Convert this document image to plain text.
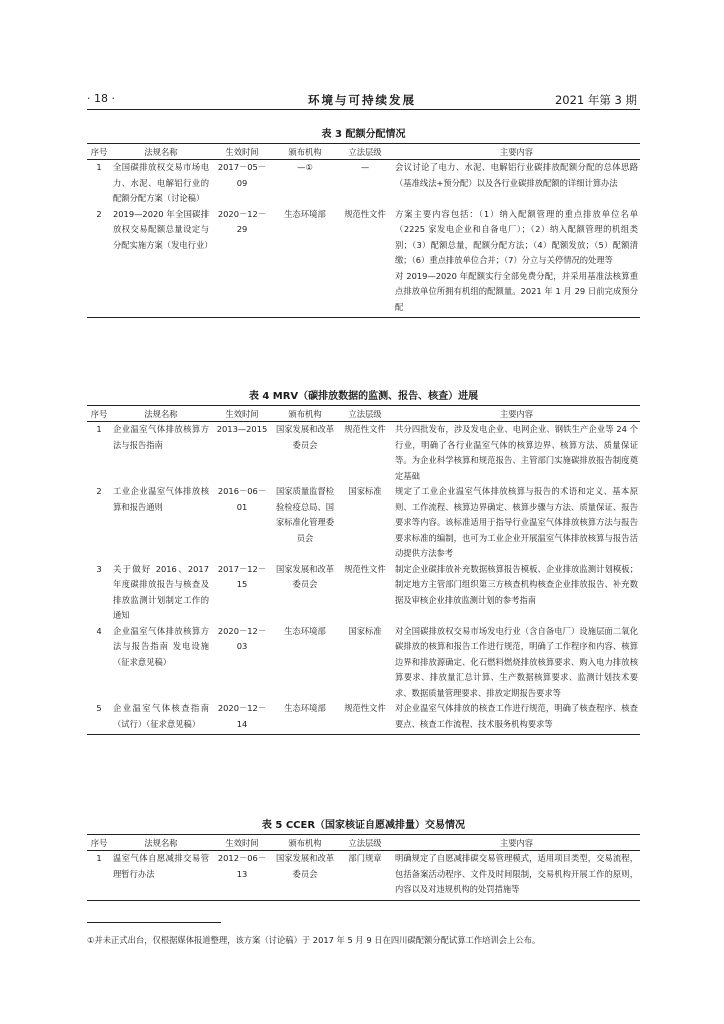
· 18 ·	环境与可持续发展	2021 年第 3 期
表 3 配额分配情况
序号	法规名称	生效时间	颁布机构	立法层级	主要内容
1	全国碳排放权交易市场电力、水泥、电解铝行业的配额分配方案（讨论稿）	2017－05－09	—①	—	会议讨论了电力、水泥、电解铝行业碳排放配额分配的总体思路（基准线法+预分配）以及各行业碳排放配额的详细计算办法
2	2019—2020 年全国碳排放权交易配额总量设定与分配实施方案（发电行业）	2020－12－29	生态环境部	规范性文件	方案主要内容包括：（1）纳入配额管理的重点排放单位名单（2225 家发电企业和自备电厂）；（2）纳入配额管理的机组类别；（3）配额总量，配额分配方法；（4）配额发放；（5）配额清缴；（6）重点排放单位合并；（7）分立与关停情况的处理等
对 2019—2020 年配额实行全部免费分配，并采用基准法核算重点排放单位所拥有机组的配额量。2021 年 1 月 29 日前完成预分配
表 4 MRV（碳排放数据的监测、报告、核查）进展
序号	法规名称	生效时间	颁布机构	立法层级	主要内容
1	企业温室气体排放核算方法与报告指南	2013—2015	国家发展和改革委员会	规范性文件	共分四批发布，涉及发电企业、电网企业、钢铁生产企业等 24 个行业，明确了各行业温室气体的核算边界、核算方法、质量保证等。为企业科学核算和规范报告、主管部门实施碳排放报告制度奠定基础
2	工业企业温室气体排放核算和报告通则	2016－06－01	国家质量监督检验检疫总局、国家标准化管理委员会	国家标准	规定了工业企业温室气体排放核算与报告的术语和定义、基本原则、工作流程、核算边界确定、核算步骤与方法、质量保证、报告要求等内容。该标准适用于指导行业温室气体排放核算方法与报告要求标准的编制，也可为工业企业开展温室气体排放核算与报告活动提供方法参考
3	关于做好 2016、2017 年度碳排放报告与核查及排放监测计划制定工作的通知	2017－12－15	国家发展和改革委员会	规范性文件	制定企业碳排放补充数据核算报告模板、企业排放监测计划模板；制定地方主管部门组织第三方核查机构核查企业排放报告、补充数据及审核企业排放监测计划的参考指南
4	企业温室气体排放核算方法与报告指南 发电设施（征求意见稿）	2020－12－03	生态环境部	国家标准	对全国碳排放权交易市场发电行业（含自备电厂）设施层面二氧化碳排放的核算和报告工作进行规范，明确了工作程序和内容、核算边界和排放源确定、化石燃料燃烧排放核算要求、购入电力排放核算要求、排放量汇总计算、生产数据核算要求、监测计划技术要求、数据质量管理要求、排放定期报告要求等
5	企业温室气体核查指南（试行）（征求意见稿）	2020－12－14	生态环境部	规范性文件	对企业温室气体排放的核查工作进行规范，明确了核查程序、核查要点、核查工作流程、技术服务机构要求等
表 5 CCER（国家核证自愿减排量）交易情况
序号	法规名称	生效时间	颁布机构	立法层级	主要内容
1	温室气体自愿减排交易管理暂行办法	2012－06－13	国家发展和改革委员会	部门规章	明确规定了自愿减排碳交易管理模式，适用项目类型，交易流程，包括备案活动程序、文件及时间限制，交易机构开展工作的原则，内容以及对违规机构的处罚措施等
①并未正式出台，仅根据媒体报道整理，该方案（讨论稿）于 2017 年 5 月 9 日在四川碳配额分配试算工作培训会上公布。
